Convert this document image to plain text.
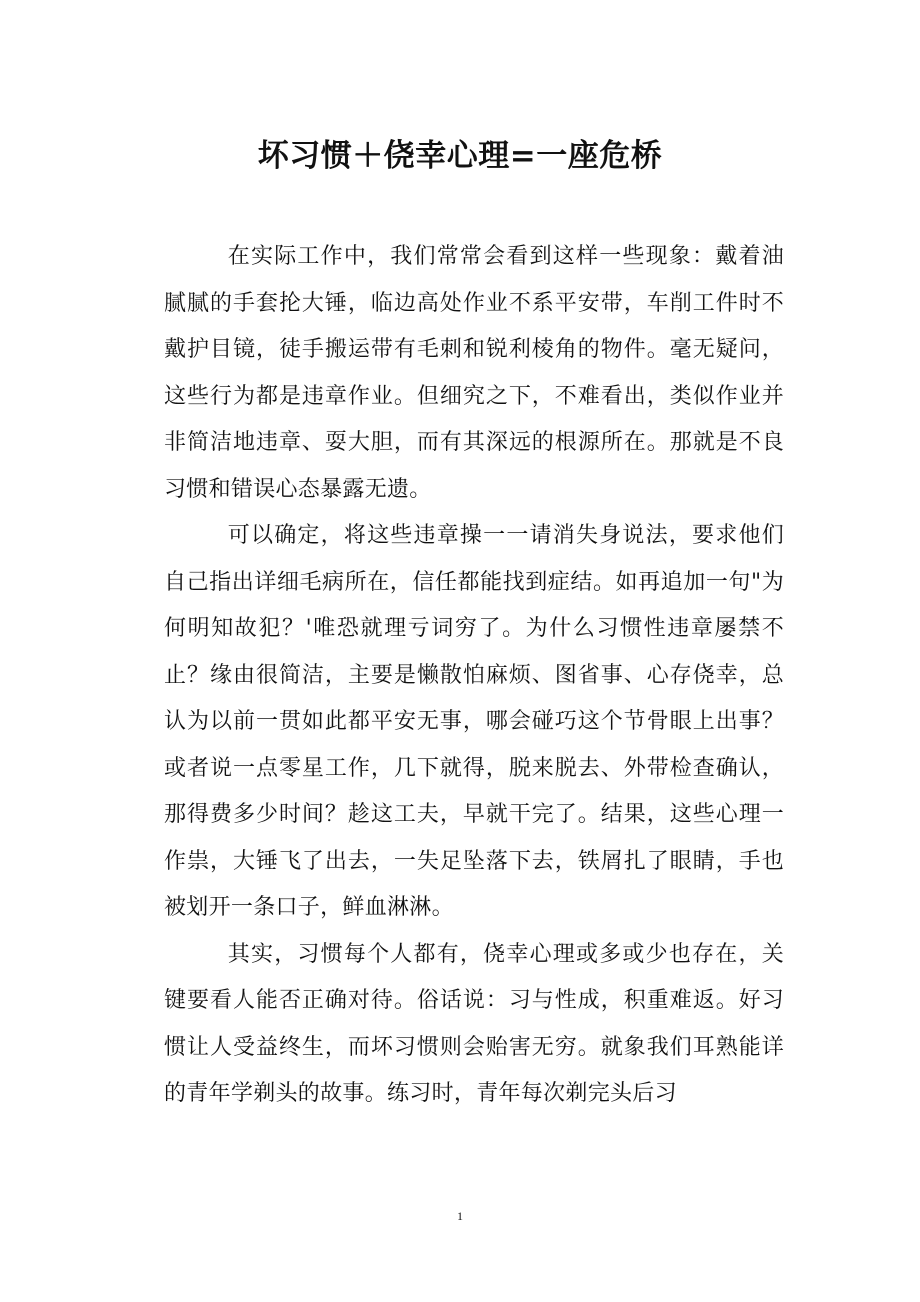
坏习惯＋侥幸心理=一座危桥

在实际工作中，我们常常会看到这样一些现象：戴着油腻腻的手套抡大锤，临边高处作业不系平安带，车削工件时不戴护目镜，徒手搬运带有毛刺和锐利棱角的物件。毫无疑问，这些行为都是违章作业。但细究之下，不难看出，类似作业并非简洁地违章、耍大胆，而有其深远的根源所在。那就是不良习惯和错误心态暴露无遗。

可以确定，将这些违章操一一请消失身说法，要求他们自己指出详细毛病所在，信任都能找到症结。如再追加一句"为何明知故犯？'唯恐就理亏词穷了。为什么习惯性违章屡禁不止？缘由很简洁，主要是懒散怕麻烦、图省事、心存侥幸，总认为以前一贯如此都平安无事，哪会碰巧这个节骨眼上出事？或者说一点零星工作，几下就得，脱来脱去、外带检查确认，那得费多少时间？趁这工夫，早就干完了。结果，这些心理一作祟，大锤飞了出去，一失足坠落下去，铁屑扎了眼睛，手也被划开一条口子，鲜血淋淋。

其实，习惯每个人都有，侥幸心理或多或少也存在，关键要看人能否正确对待。俗话说：习与性成，积重难返。好习惯让人受益终生，而坏习惯则会贻害无穷。就象我们耳熟能详的青年学剃头的故事。练习时，青年每次剃完头后习

1
